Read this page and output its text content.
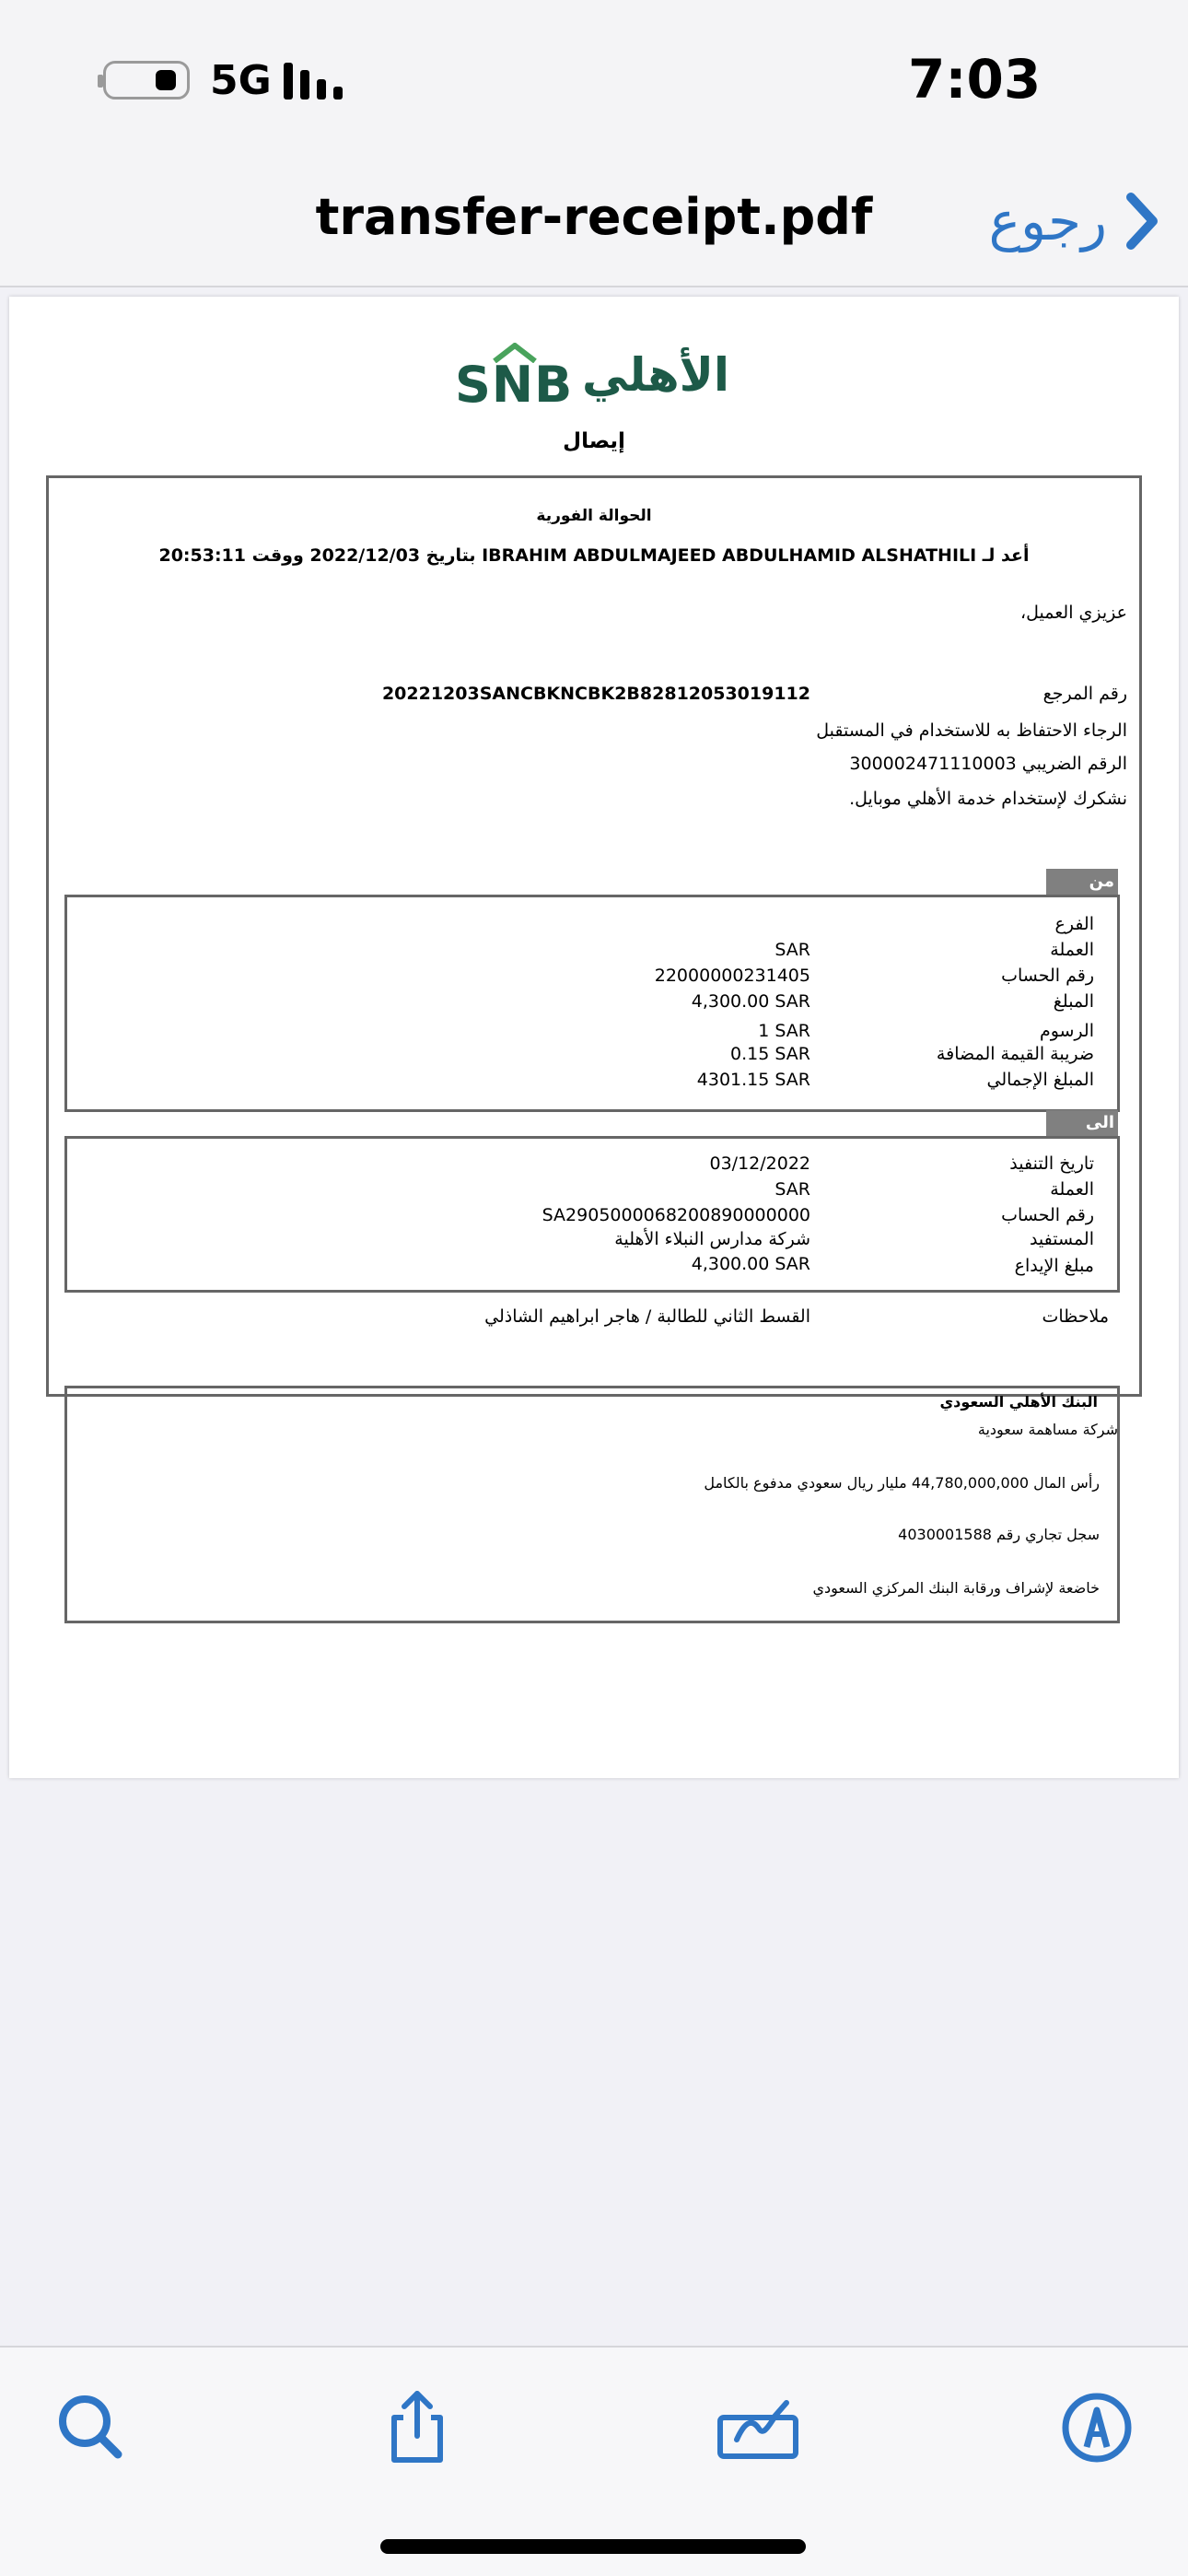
5G	7:03
transfer-receipt.pdf	رجوع
SNB الأهلي
إيصال
الحوالة الفورية
أعد لـ IBRAHIM ABDULMAJEED ABDULHAMID ALSHATHILI بتاريخ 2022/12/03 ووقت 20:53:11
عزيزي العميل،
رقم المرجع
20221203SANCBKNCBK2B82812053019112
الرجاء الاحتفاظ به للاستخدام في المستقبل
الرقم الضريبي 300002471110003
نشكرك لإستخدام خدمة الأهلي موبايل.
من
الفرع
العملة
SAR
رقم الحساب
22000000231405
المبلغ
4,300.00 SAR
الرسوم
1 SAR
ضريبة القيمة المضافة
0.15 SAR
المبلغ الإجمالي
4301.15 SAR
الى
تاريخ التنفيذ
03/12/2022
العملة
SAR
رقم الحساب
SA2905000068200890000000
المستفيد
شركة مدارس النبلاء الأهلية
مبلغ الإيداع
4,300.00 SAR
ملاحظات
القسط الثاني للطالبة / هاجر ابراهيم الشاذلي
البنك الأهلي السعودي
شركة مساهمة سعودية
رأس المال 44,780,000,000 مليار ريال سعودي مدفوع بالكامل
سجل تجاري رقم 4030001588
خاضعة لإشراف ورقابة البنك المركزي السعودي
